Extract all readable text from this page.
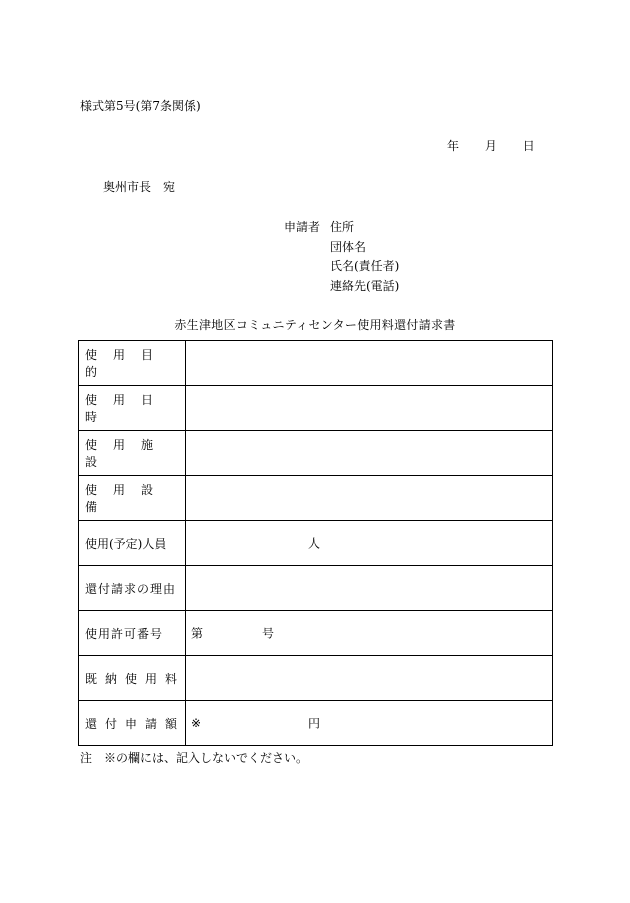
様式第5号(第7条関係)
年 月 日
奥州市長 宛
申請者 住所
団体名
氏名(責任者)
連絡先(電話)
赤生津地区コミュニティセンター使用料還付請求書
使用目的	
使用日時	
使用施設	
使用設備	
使用(予定)人員	人

還付請求の理由	
使用許可番号	第 号

既納使用料	
還付申請額	※ 円
注　※の欄には、記入しないでください。
